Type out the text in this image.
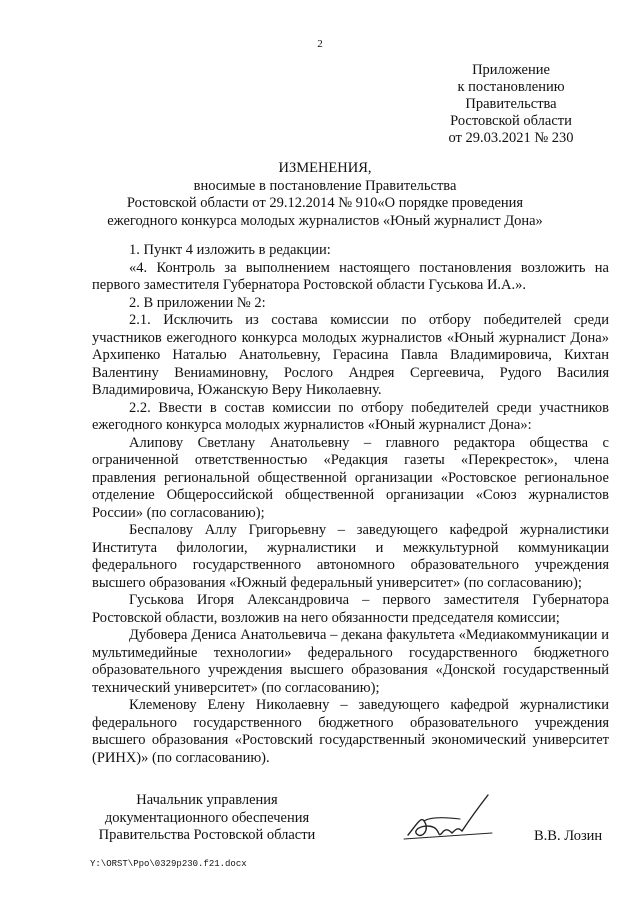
2
Приложение
к постановлению
Правительства
Ростовской области
от 29.03.2021 № 230
ИЗМЕНЕНИЯ,
вносимые в постановление Правительства
Ростовской области от 29.12.2014 № 910«О порядке проведения
ежегодного конкурса молодых журналистов «Юный журналист Дона»

1. Пункт 4 изложить в редакции:

«4. Контроль за выполнением настоящего постановления возложить на первого заместителя Губернатора Ростовской области Гуськова И.А.».

2. В приложении № 2:

2.1. Исключить из состава комиссии по отбору победителей среди участников ежегодного конкурса молодых журналистов «Юный журналист Дона» Архипенко Наталью Анатольевну, Герасина Павла Владимировича, Кихтан Валентину Вениаминовну, Рослого Андрея Сергеевича, Рудого Василия Владимировича, Южанскую Веру Николаевну.

2.2. Ввести в состав комиссии по отбору победителей среди участников ежегодного конкурса молодых журналистов «Юный журналист Дона»:

Алипову Светлану Анатольевну – главного редактора общества с ограниченной ответственностью «Редакция газеты «Перекресток», члена правления региональной общественной организации «Ростовское региональное отделение Общероссийской общественной организации «Союз журналистов России» (по согласованию);

Беспалову Аллу Григорьевну – заведующего кафедрой журналистики Института филологии, журналистики и межкультурной коммуникации федерального государственного автономного образовательного учреждения высшего образования «Южный федеральный университет» (по согласованию);

Гуськова Игоря Александровича – первого заместителя Губернатора Ростовской области, возложив на него обязанности председателя комиссии;

Дубовера Дениса Анатольевича – декана факультета «Медиакоммуникации и мультимедийные технологии» федерального государственного бюджетного образовательного учреждения высшего образования «Донской государственный технический университет» (по согласованию);

Клеменову Елену Николаевну – заведующего кафедрой журналистики федерального государственного бюджетного образовательного учреждения высшего образования «Ростовский государственный экономический университет (РИНХ)» (по согласованию).

Начальник управления
документационного обеспечения
Правительства Ростовской области	В.В. Лозин
Y:\ORST\Ppo\0329p230.f21.docx
